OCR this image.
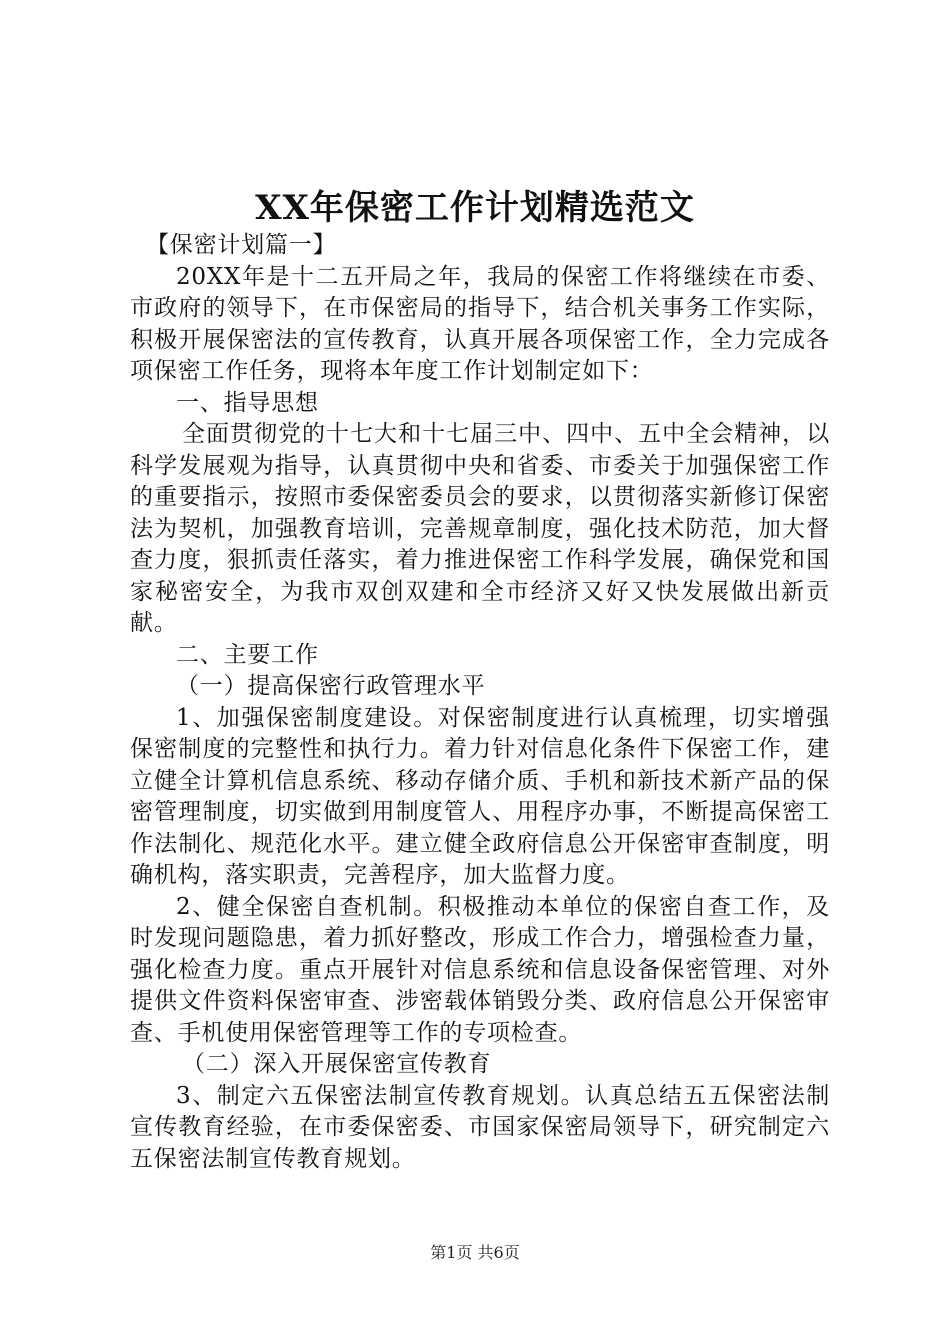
XX年保密工作计划精选范文

【保密计划篇一】

20XX年是十二五开局之年，我局的保密工作将继续在市委、市政府的领导下，在市保密局的指导下，结合机关事务工作实际，积极开展保密法的宣传教育，认真开展各项保密工作，全力完成各项保密工作任务，现将本年度工作计划制定如下：

一、指导思想

全面贯彻党的十七大和十七届三中、四中、五中全会精神，以科学发展观为指导，认真贯彻中央和省委、市委关于加强保密工作的重要指示，按照市委保密委员会的要求，以贯彻落实新修订保密法为契机，加强教育培训，完善规章制度，强化技术防范，加大督查力度，狠抓责任落实，着力推进保密工作科学发展，确保党和国家秘密安全，为我市双创双建和全市经济又好又快发展做出新贡献。

二、主要工作

（一）提高保密行政管理水平

1、加强保密制度建设。对保密制度进行认真梳理，切实增强保密制度的完整性和执行力。着力针对信息化条件下保密工作，建立健全计算机信息系统、移动存储介质、手机和新技术新产品的保密管理制度，切实做到用制度管人、用程序办事，不断提高保密工作法制化、规范化水平。建立健全政府信息公开保密审查制度，明确机构，落实职责，完善程序，加大监督力度。

2、健全保密自查机制。积极推动本单位的保密自查工作，及时发现问题隐患，着力抓好整改，形成工作合力，增强检查力量，强化检查力度。重点开展针对信息系统和信息设备保密管理、对外提供文件资料保密审查、涉密载体销毁分类、政府信息公开保密审查、手机使用保密管理等工作的专项检查。

（二）深入开展保密宣传教育

3、制定六五保密法制宣传教育规划。认真总结五五保密法制宣传教育经验，在市委保密委、市国家保密局领导下，研究制定六五保密法制宣传教育规划。

第1页 共6页
